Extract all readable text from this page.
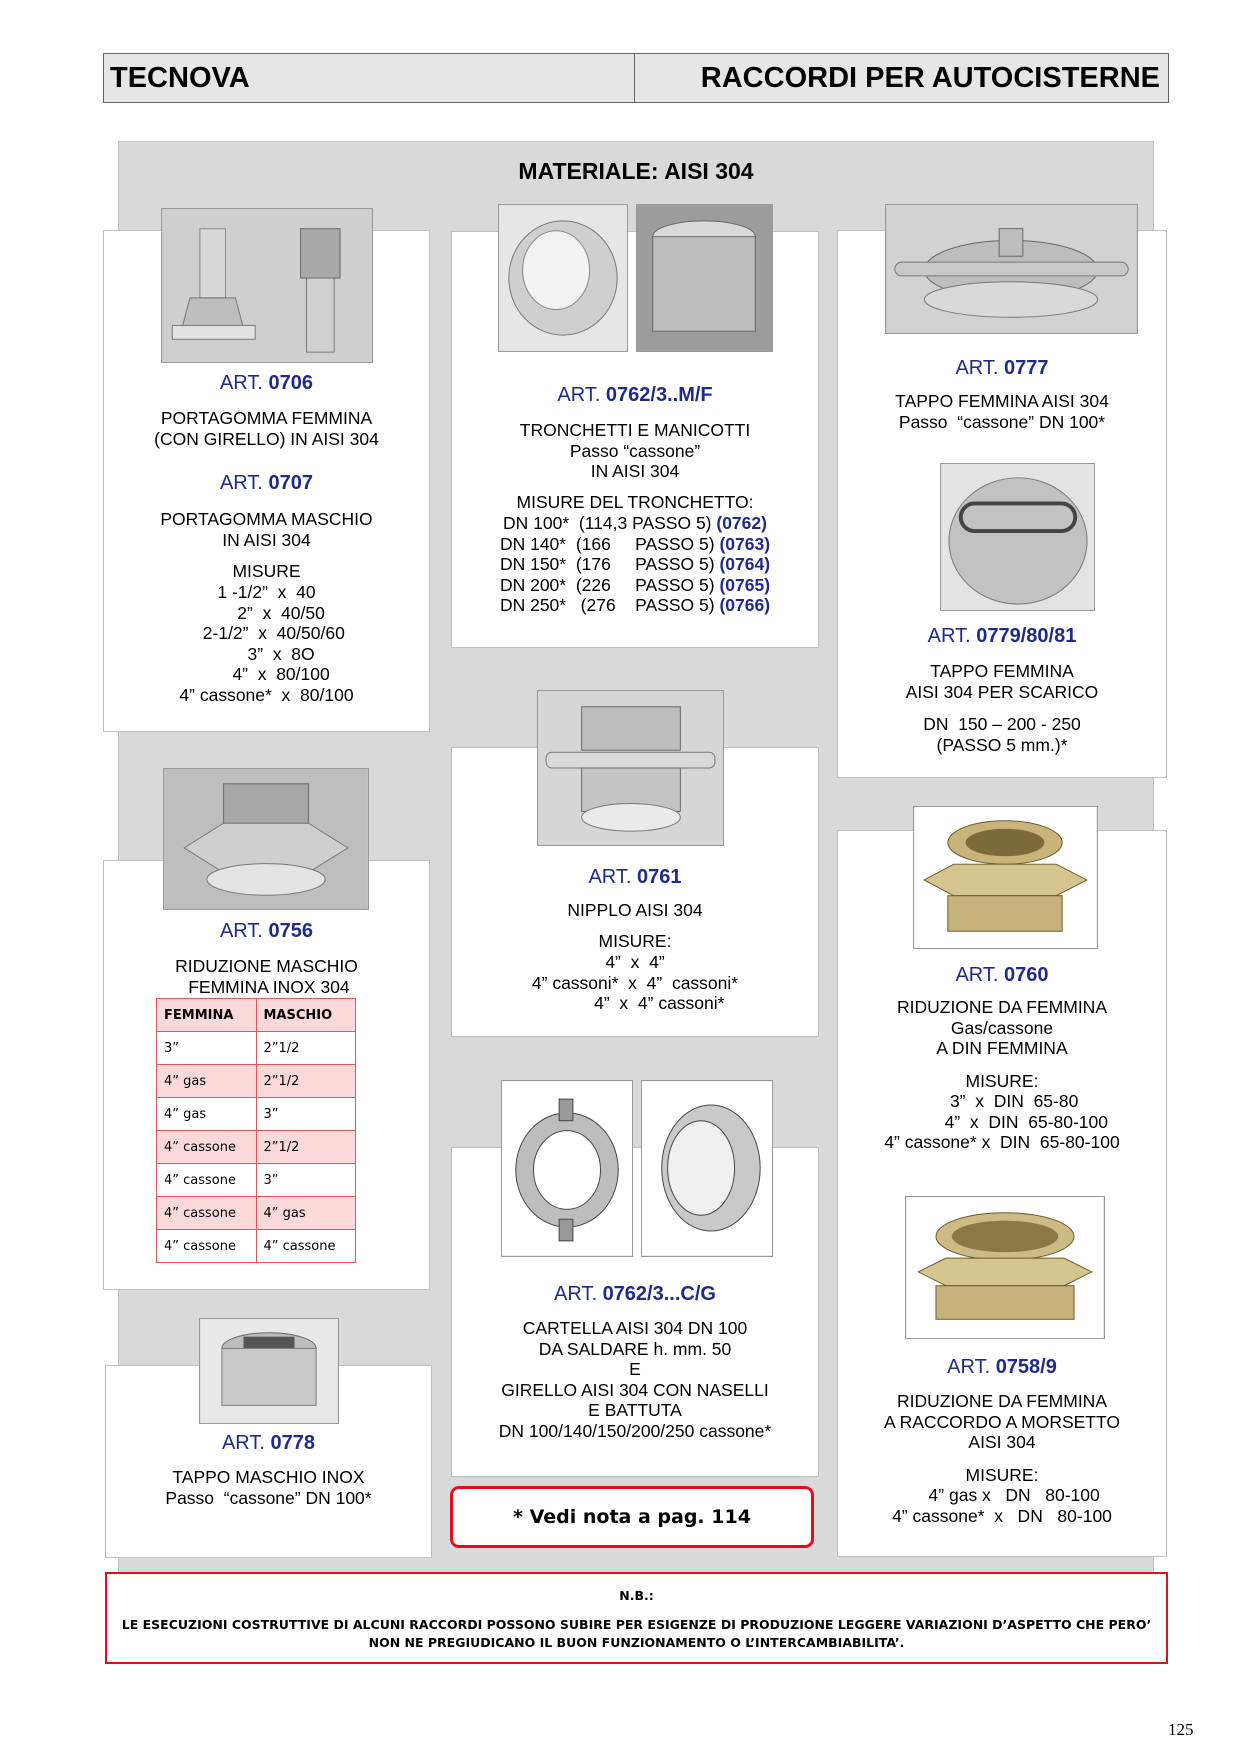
TECNOVA	RACCORDI PER AUTOCISTERNE
MATERIALE: AISI 304
ART. 0706
PORTAGOMMA FEMMINA
(CON GIRELLO) IN AISI 304
ART. 0707
PORTAGOMMA MASCHIO
IN AISI 304
MISURE
1 -1/2”  x  40
2”  x  40/50
2-1/2”  x  40/50/60
3”  x  8O
4”  x  80/100
4” cassone*  x  80/100
ART. 0756
RIDUZIONE MASCHIO
FEMMINA INOX 304
FEMMINA	MASCHIO
3”	2”1/2
4” gas	2”1/2
4” gas	3”
4” cassone	2”1/2
4” cassone	3”
4” cassone	4” gas
4” cassone	4” cassone
ART. 0778
TAPPO MASCHIO INOX
Passo  “cassone” DN 100*
ART. 0762/3..M/F
TRONCHETTI E MANICOTTI
Passo “cassone”
IN AISI 304
MISURE DEL TRONCHETTO:
DN 100*  (114,3 PASSO 5) (0762)
DN 140*  (166     PASSO 5) (0763)
DN 150*  (176     PASSO 5) (0764)
DN 200*  (226     PASSO 5) (0765)
DN 250*   (276    PASSO 5) (0766)
ART. 0761
NIPPLO AISI 304
MISURE:
4”  x  4”
4” cassoni*  x  4”  cassoni*
4”  x  4” cassoni*
ART. 0762/3...C/G
CARTELLA AISI 304 DN 100
DA SALDARE h. mm. 50
E
GIRELLO AISI 304 CON NASELLI
E BATTUTA
DN 100/140/150/200/250 cassone*
* Vedi nota a pag. 114
ART. 0777
TAPPO FEMMINA AISI 304
Passo  “cassone” DN 100*
ART. 0779/80/81
TAPPO FEMMINA
AISI 304 PER SCARICO
DN  150 – 200 - 250
(PASSO 5 mm.)*
ART. 0760
RIDUZIONE DA FEMMINA
Gas/cassone
A DIN FEMMINA
MISURE:
3”  x  DIN  65-80
4”  x  DIN  65-80-100
4” cassone* x  DIN  65-80-100
ART. 0758/9
RIDUZIONE DA FEMMINA
A RACCORDO A MORSETTO
AISI 304
MISURE:
4” gas x   DN   80-100
4” cassone*  x   DN   80-100
N.B.:
LE ESECUZIONI COSTRUTTIVE DI ALCUNI RACCORDI POSSONO SUBIRE PER ESIGENZE DI PRODUZIONE LEGGERE VARIAZIONI D’ASPETTO CHE PERO’
NON NE PREGIUDICANO IL BUON FUNZIONAMENTO O L’INTERCAMBIABILITA’.
125
